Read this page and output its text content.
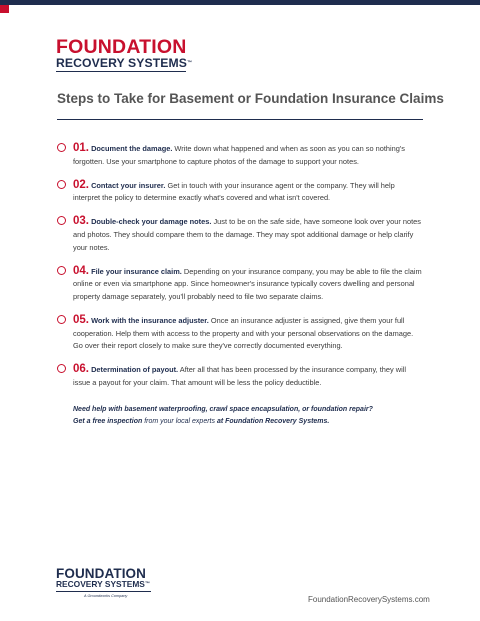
FOUNDATION
RECOVERY SYSTEMS™
Steps to Take for Basement or Foundation Insurance Claims
01. Document the damage. Write down what happened and when as soon as you can so nothing's forgotten. Use your smartphone to capture photos of the damage to support your notes.
02. Contact your insurer. Get in touch with your insurance agent or the company. They will help interpret the policy to determine exactly what's covered and what isn't covered.
03. Double-check your damage notes. Just to be on the safe side, have someone look over your notes and photos. They should compare them to the damage. They may spot additional damage or help clarify your notes.
04. File your insurance claim. Depending on your insurance company, you may be able to file the claim online or even via smartphone app. Since homeowner's insurance typically covers dwelling and personal property damage separately, you'll probably need to file two separate claims.
05. Work with the insurance adjuster. Once an insurance adjuster is assigned, give them your full cooperation. Help them with access to the property and with your personal observations on the damage. Go over their report closely to make sure they've correctly documented everything.
06. Determination of payout. After all that has been processed by the insurance company, they will issue a payout for your claim. That amount will be less the policy deductible.
Need help with basement waterproofing, crawl space encapsulation, or foundation repair?
Get a free inspection from your local experts at Foundation Recovery Systems.
FOUNDATION
RECOVERY SYSTEMS™
A Groundworks Company	FoundationRecoverySystems.com
